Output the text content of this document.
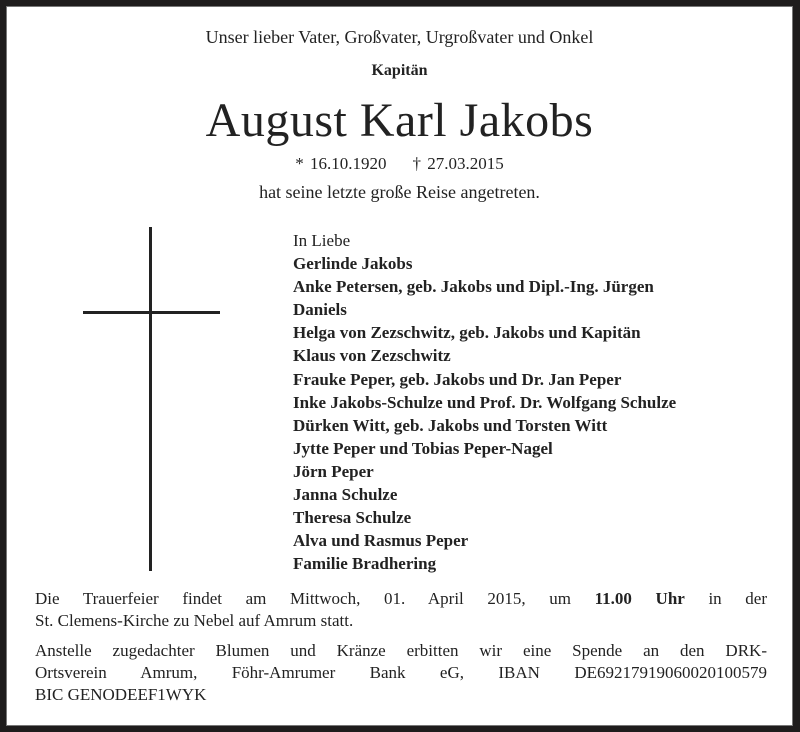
Unser lieber Vater, Großvater, Urgroßvater und Onkel
Kapitän
August Karl Jakobs
* 16.10.1920 † 27.03.2015
hat seine letzte große Reise angetreten.
In Liebe
Gerlinde Jakobs
Anke Petersen, geb. Jakobs und Dipl.-Ing. Jürgen
Daniels
Helga von Zezschwitz, geb. Jakobs und Kapitän
Klaus von Zezschwitz
Frauke Peper, geb. Jakobs und Dr. Jan Peper
Inke Jakobs-Schulze und Prof. Dr. Wolfgang Schulze
Dürken Witt, geb. Jakobs und Torsten Witt
Jytte Peper und Tobias Peper-Nagel
Jörn Peper
Janna Schulze
Theresa Schulze
Alva und Rasmus Peper
Familie Bradhering
Die Trauerfeier findet am Mittwoch, 01. April 2015, um 11.00 Uhr in der
St. Clemens-Kirche zu Nebel auf Amrum statt.
Anstelle zugedachter Blumen und Kränze erbitten wir eine Spende an den DRK-
Ortsverein Amrum, Föhr-Amrumer Bank eG, IBAN DE69217919060020100579
BIC GENODEEF1WYK
